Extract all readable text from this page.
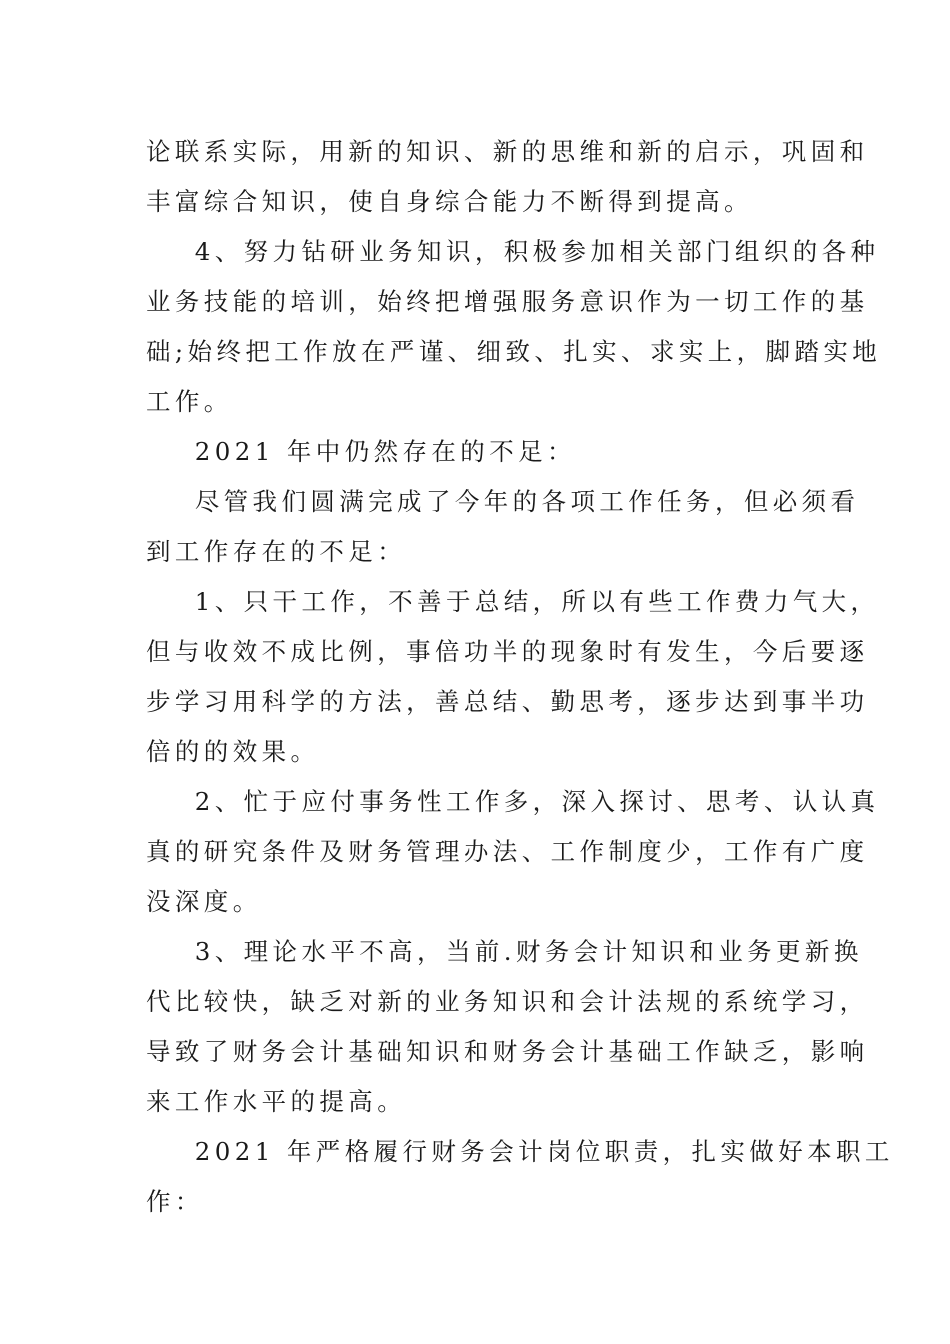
论联系实际，用新的知识、新的思维和新的启示，巩固和
丰富综合知识，使自身综合能力不断得到提高。
4、努力钻研业务知识，积极参加相关部门组织的各种
业务技能的培训，始终把增强服务意识作为一切工作的基
础;始终把工作放在严谨、细致、扎实、求实上，脚踏实地
工作。
2021 年中仍然存在的不足：
尽管我们圆满完成了今年的各项工作任务，但必须看
到工作存在的不足：
1、只干工作，不善于总结，所以有些工作费力气大，
但与收效不成比例，事倍功半的现象时有发生，今后要逐
步学习用科学的方法，善总结、勤思考，逐步达到事半功
倍的的效果。
2、忙于应付事务性工作多，深入探讨、思考、认认真
真的研究条件及财务管理办法、工作制度少，工作有广度
没深度。
3、理论水平不高，当前.财务会计知识和业务更新换
代比较快，缺乏对新的业务知识和会计法规的系统学习，
导致了财务会计基础知识和财务会计基础工作缺乏，影响
来工作水平的提高。
2021 年严格履行财务会计岗位职责，扎实做好本职工
作：
